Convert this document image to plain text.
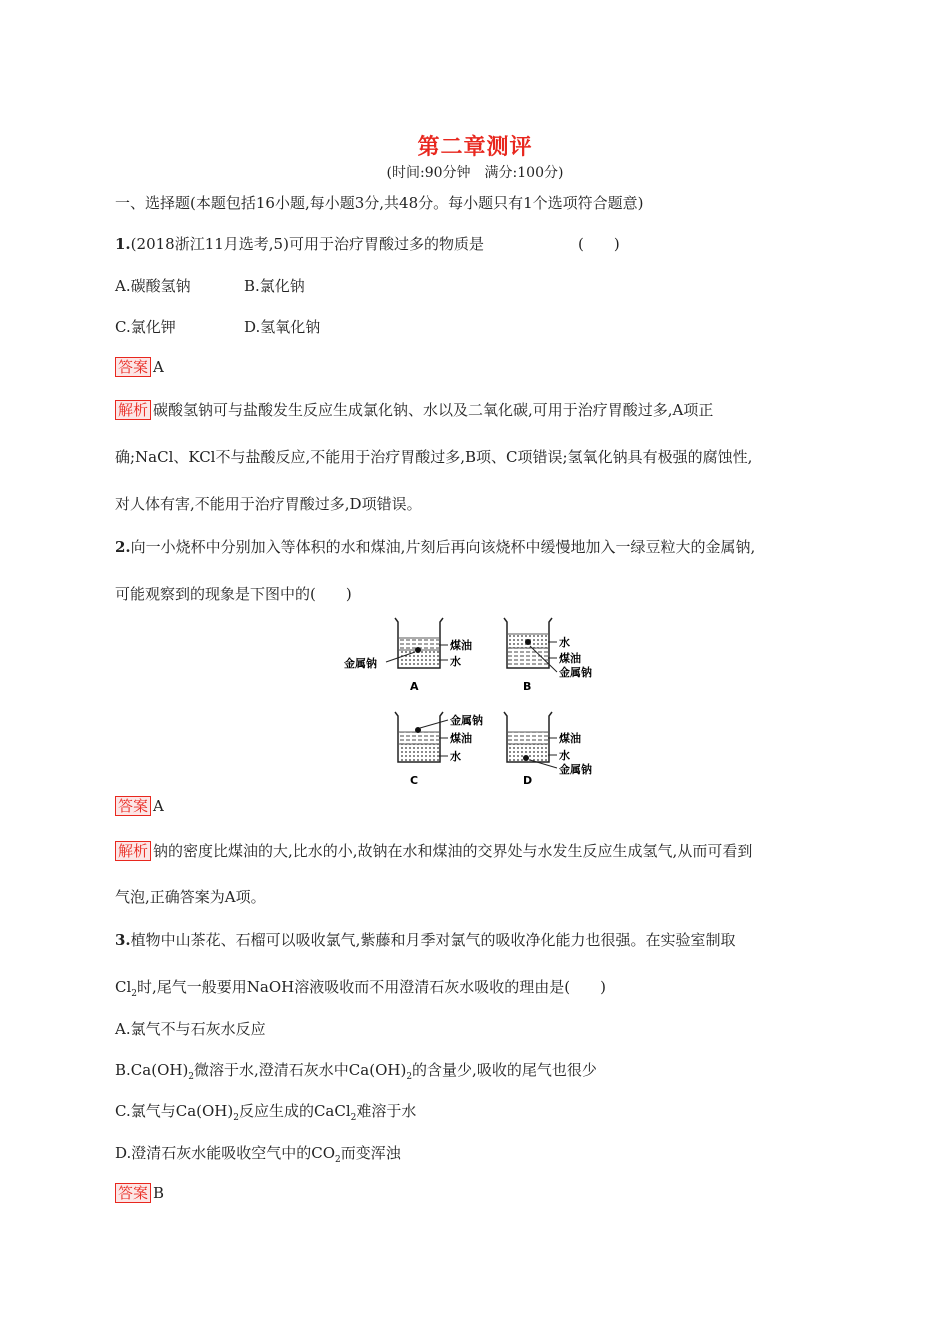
第二章测评
(时间:90分钟　满分:100分)
一、选择题(本题包括16小题,每小题3分,共48分。每小题只有1个选项符合题意)
1.(2018浙江11月选考,5)可用于治疗胃酸过多的物质是	(　　)
A.碳酸氢钠	B.氯化钠
C.氯化钾	D.氢氧化钠
答案 A
解析 碳酸氢钠可与盐酸发生反应生成氯化钠、水以及二氧化碳,可用于治疗胃酸过多,A项正
确;NaCl、KCl不与盐酸反应,不能用于治疗胃酸过多,B项、C项错误;氢氧化钠具有极强的腐蚀性,
对人体有害,不能用于治疗胃酸过多,D项错误。
2.向一小烧杯中分别加入等体积的水和煤油,片刻后再向该烧杯中缓慢地加入一绿豆粒大的金属钠,
可能观察到的现象是下图中的(　　)
煤油
水
金属钠
A
水
煤油
金属钠
B
金属钠
煤油
水
C
煤油
水
金属钠
D
答案 A
解析 钠的密度比煤油的大,比水的小,故钠在水和煤油的交界处与水发生反应生成氢气,从而可看到
气泡,正确答案为A项。
3.植物中山茶花、石榴可以吸收氯气,紫藤和月季对氯气的吸收净化能力也很强。在实验室制取
$Cl_2$时,尾气一般要用NaOH溶液吸收而不用澄清石灰水吸收的理由是(　　)
A.氯气不与石灰水反应
$B.Ca(OH)_2$微溶于水,澄清石灰水中$Ca(OH)_2$的含量少,吸收的尾气也很少
C.氯气与$Ca(OH)_2$反应生成的CaCl$_2$难溶于水
D.澄清石灰水能吸收空气中的$CO_2$而变浑浊
答案 B
